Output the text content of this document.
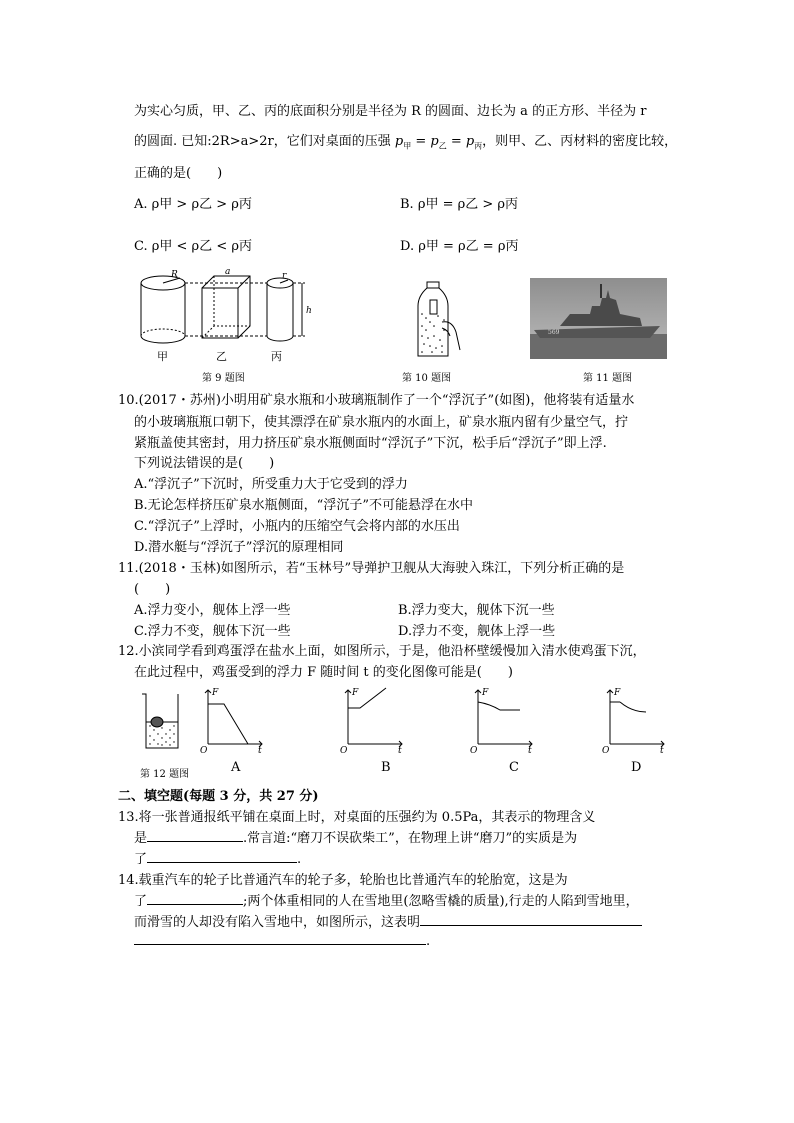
为实心匀质，甲、乙、丙的底面积分别是半径为 R 的圆面、边长为 a 的正方形、半径为 r
的圆面. 已知:2R>a>2r，它们对桌面的压强 $p_甲 = p_乙 = p_丙$，则甲、乙、丙材料的密度比较，
正确的是(　　)
A. ρ甲 > ρ乙 > ρ丙	B. ρ甲 = ρ乙 > ρ丙
C. ρ甲 < ρ乙 < ρ丙	D. ρ甲 = ρ乙 = ρ丙
R	a	r
h
甲	乙	丙
第 9 题图	第 10 题图
569
第 11 题图
10.(2017・苏州)小明用矿泉水瓶和小玻璃瓶制作了一个“浮沉子”(如图)，他将装有适量水
的小玻璃瓶瓶口朝下，使其漂浮在矿泉水瓶内的水面上，矿泉水瓶内留有少量空气，拧
紧瓶盖使其密封，用力挤压矿泉水瓶侧面时“浮沉子”下沉，松手后“浮沉子”即上浮.
下列说法错误的是(　　)
A.“浮沉子”下沉时，所受重力大于它受到的浮力
B.无论怎样挤压矿泉水瓶侧面，“浮沉子”不可能悬浮在水中
C.“浮沉子”上浮时，小瓶内的压缩空气会将内部的水压出
D.潜水艇与“浮沉子”浮沉的原理相同
11.(2018・玉林)如图所示，若“玉林号”导弹护卫舰从大海驶入珠江，下列分析正确的是
(　　)
A.浮力变小，舰体上浮一些	B.浮力变大，舰体下沉一些
C.浮力不变，舰体下沉一些	D.浮力不变，舰体上浮一些
12.小滨同学看到鸡蛋浮在盐水上面，如图所示，于是，他沿杯壁缓慢加入清水使鸡蛋下沉，
在此过程中，鸡蛋受到的浮力 F 随时间 t 的变化图像可能是(　　)
第 12 题图
F
O	t
A
F
O	t
B
F
O	t
C
F
O	t
D
二、填空题(每题 3 分，共 27 分)
13.将一张普通报纸平铺在桌面上时，对桌面的压强约为 0.5Pa，其表示的物理含义
是	.常言道:“磨刀不误砍柴工”，在物理上讲“磨刀”的实质是为
了	.
14.载重汽车的轮子比普通汽车的轮子多，轮胎也比普通汽车的轮胎宽，这是为
了	;两个体重相同的人在雪地里(忽略雪橇的质量),行走的人陷到雪地里，
而滑雪的人却没有陷入雪地中，如图所示，这表明
.
